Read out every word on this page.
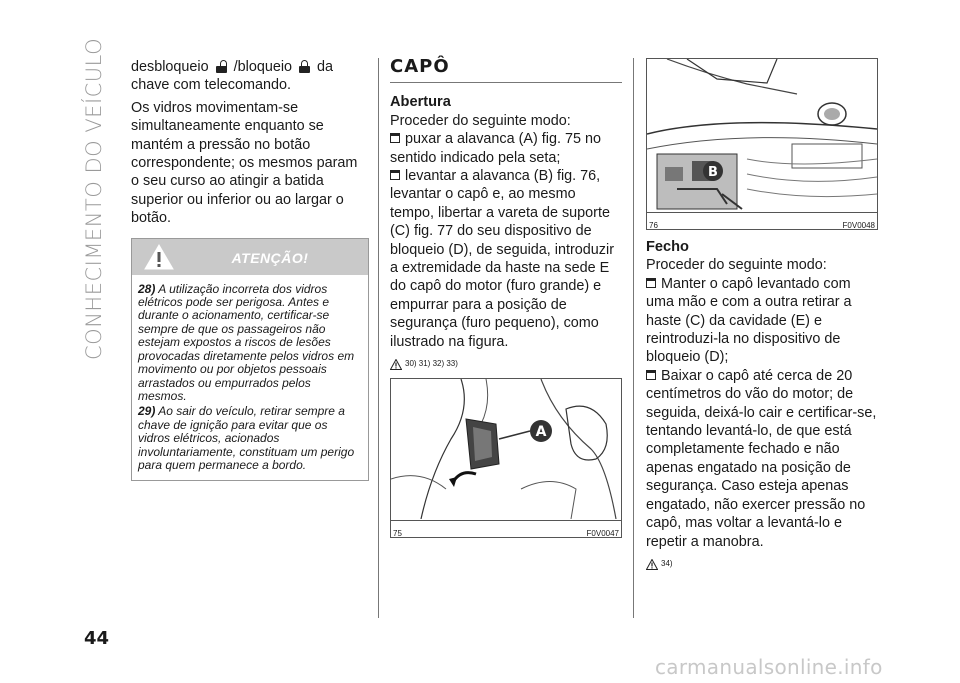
CONHECIMENTO DO VEÍCULO desbloqueio /bloqueio da chave com telecomando.

Os vidros movimentam-se simultaneamente enquanto se mantém a pressão no botão correspondente; os mesmos param o seu curso ao atingir a batida superior ou inferior ou ao largar o botão.

ATENÇÃO!

28) A utilização incorreta dos vidros elétricos pode ser perigosa. Antes e durante o acionamento, certificar-se sempre de que os passageiros não estejam expostos a riscos de lesões provocadas diretamente pelos vidros em movimento ou por objetos pessoais arrastados ou empurrados pelos mesmos.

29) Ao sair do veículo, retirar sempre a chave de ignição para evitar que os vidros elétricos, acionados involuntariamente, constituam um perigo para quem permanece a bordo.

CAPÔ
Abertura

Proceder do seguinte modo:

puxar a alavanca (A) fig. 75 no sentido indicado pela seta;

levantar a alavanca (B) fig. 76, levantar o capô e, ao mesmo tempo, libertar a vareta de suporte (C) fig. 77 do seu dispositivo de bloqueio (D), de seguida, introduzir a extremidade da haste na sede E do capô do motor (furo grande) e empurrar para a posição de segurança (furo pequeno), como ilustrado na figura.

30) 31) 32) 33)
A
75	F0V0047
B
76	F0V0048
Fecho

Proceder do seguinte modo:

Manter o capô levantado com uma mão e com a outra retirar a haste (C) da cavidade (E) e reintroduzi-la no dispositivo de bloqueio (D);

Baixar o capô até cerca de 20 centímetros do vão do motor; de seguida, deixá-lo cair e certificar-se, tentando levantá-lo, de que está completamente fechado e não apenas engatado na posição de segurança. Caso esteja apenas engatado, não exercer pressão no capô, mas voltar a levantá-lo e repetir a manobra.

34)
44
carmanualsonline.info
